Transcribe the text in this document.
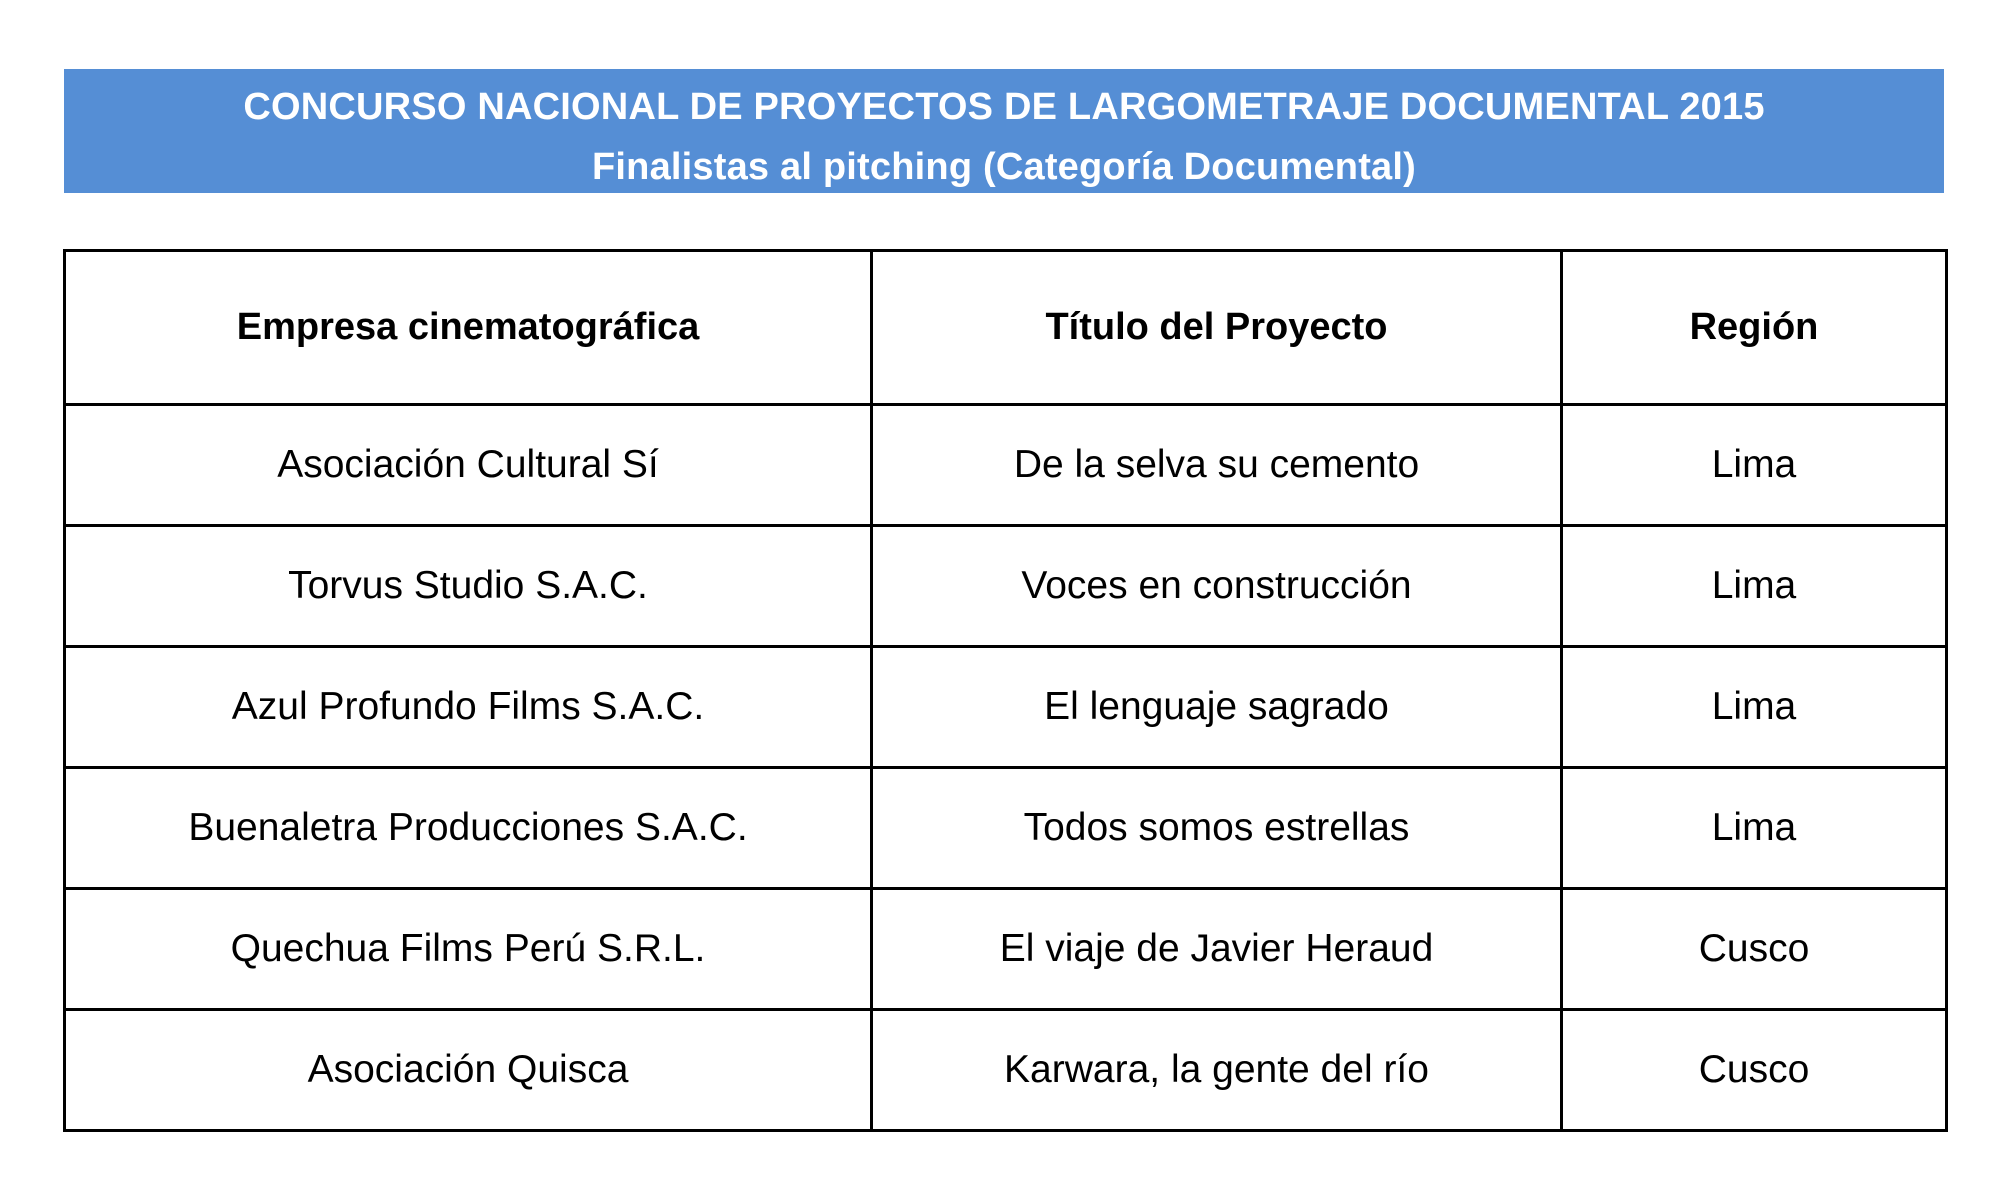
CONCURSO NACIONAL DE PROYECTOS DE LARGOMETRAJE DOCUMENTAL 2015
Finalistas al pitching (Categoría Documental)
Empresa cinematográfica	Título del Proyecto	Región
Asociación Cultural Sí	De la selva su cemento	Lima
Torvus Studio S.A.C.	Voces en construcción	Lima
Azul Profundo Films S.A.C.	El lenguaje sagrado	Lima
Buenaletra Producciones S.A.C.	Todos somos estrellas	Lima
Quechua Films Perú S.R.L.	El viaje de Javier Heraud	Cusco
Asociación Quisca	Karwara, la gente del río	Cusco
